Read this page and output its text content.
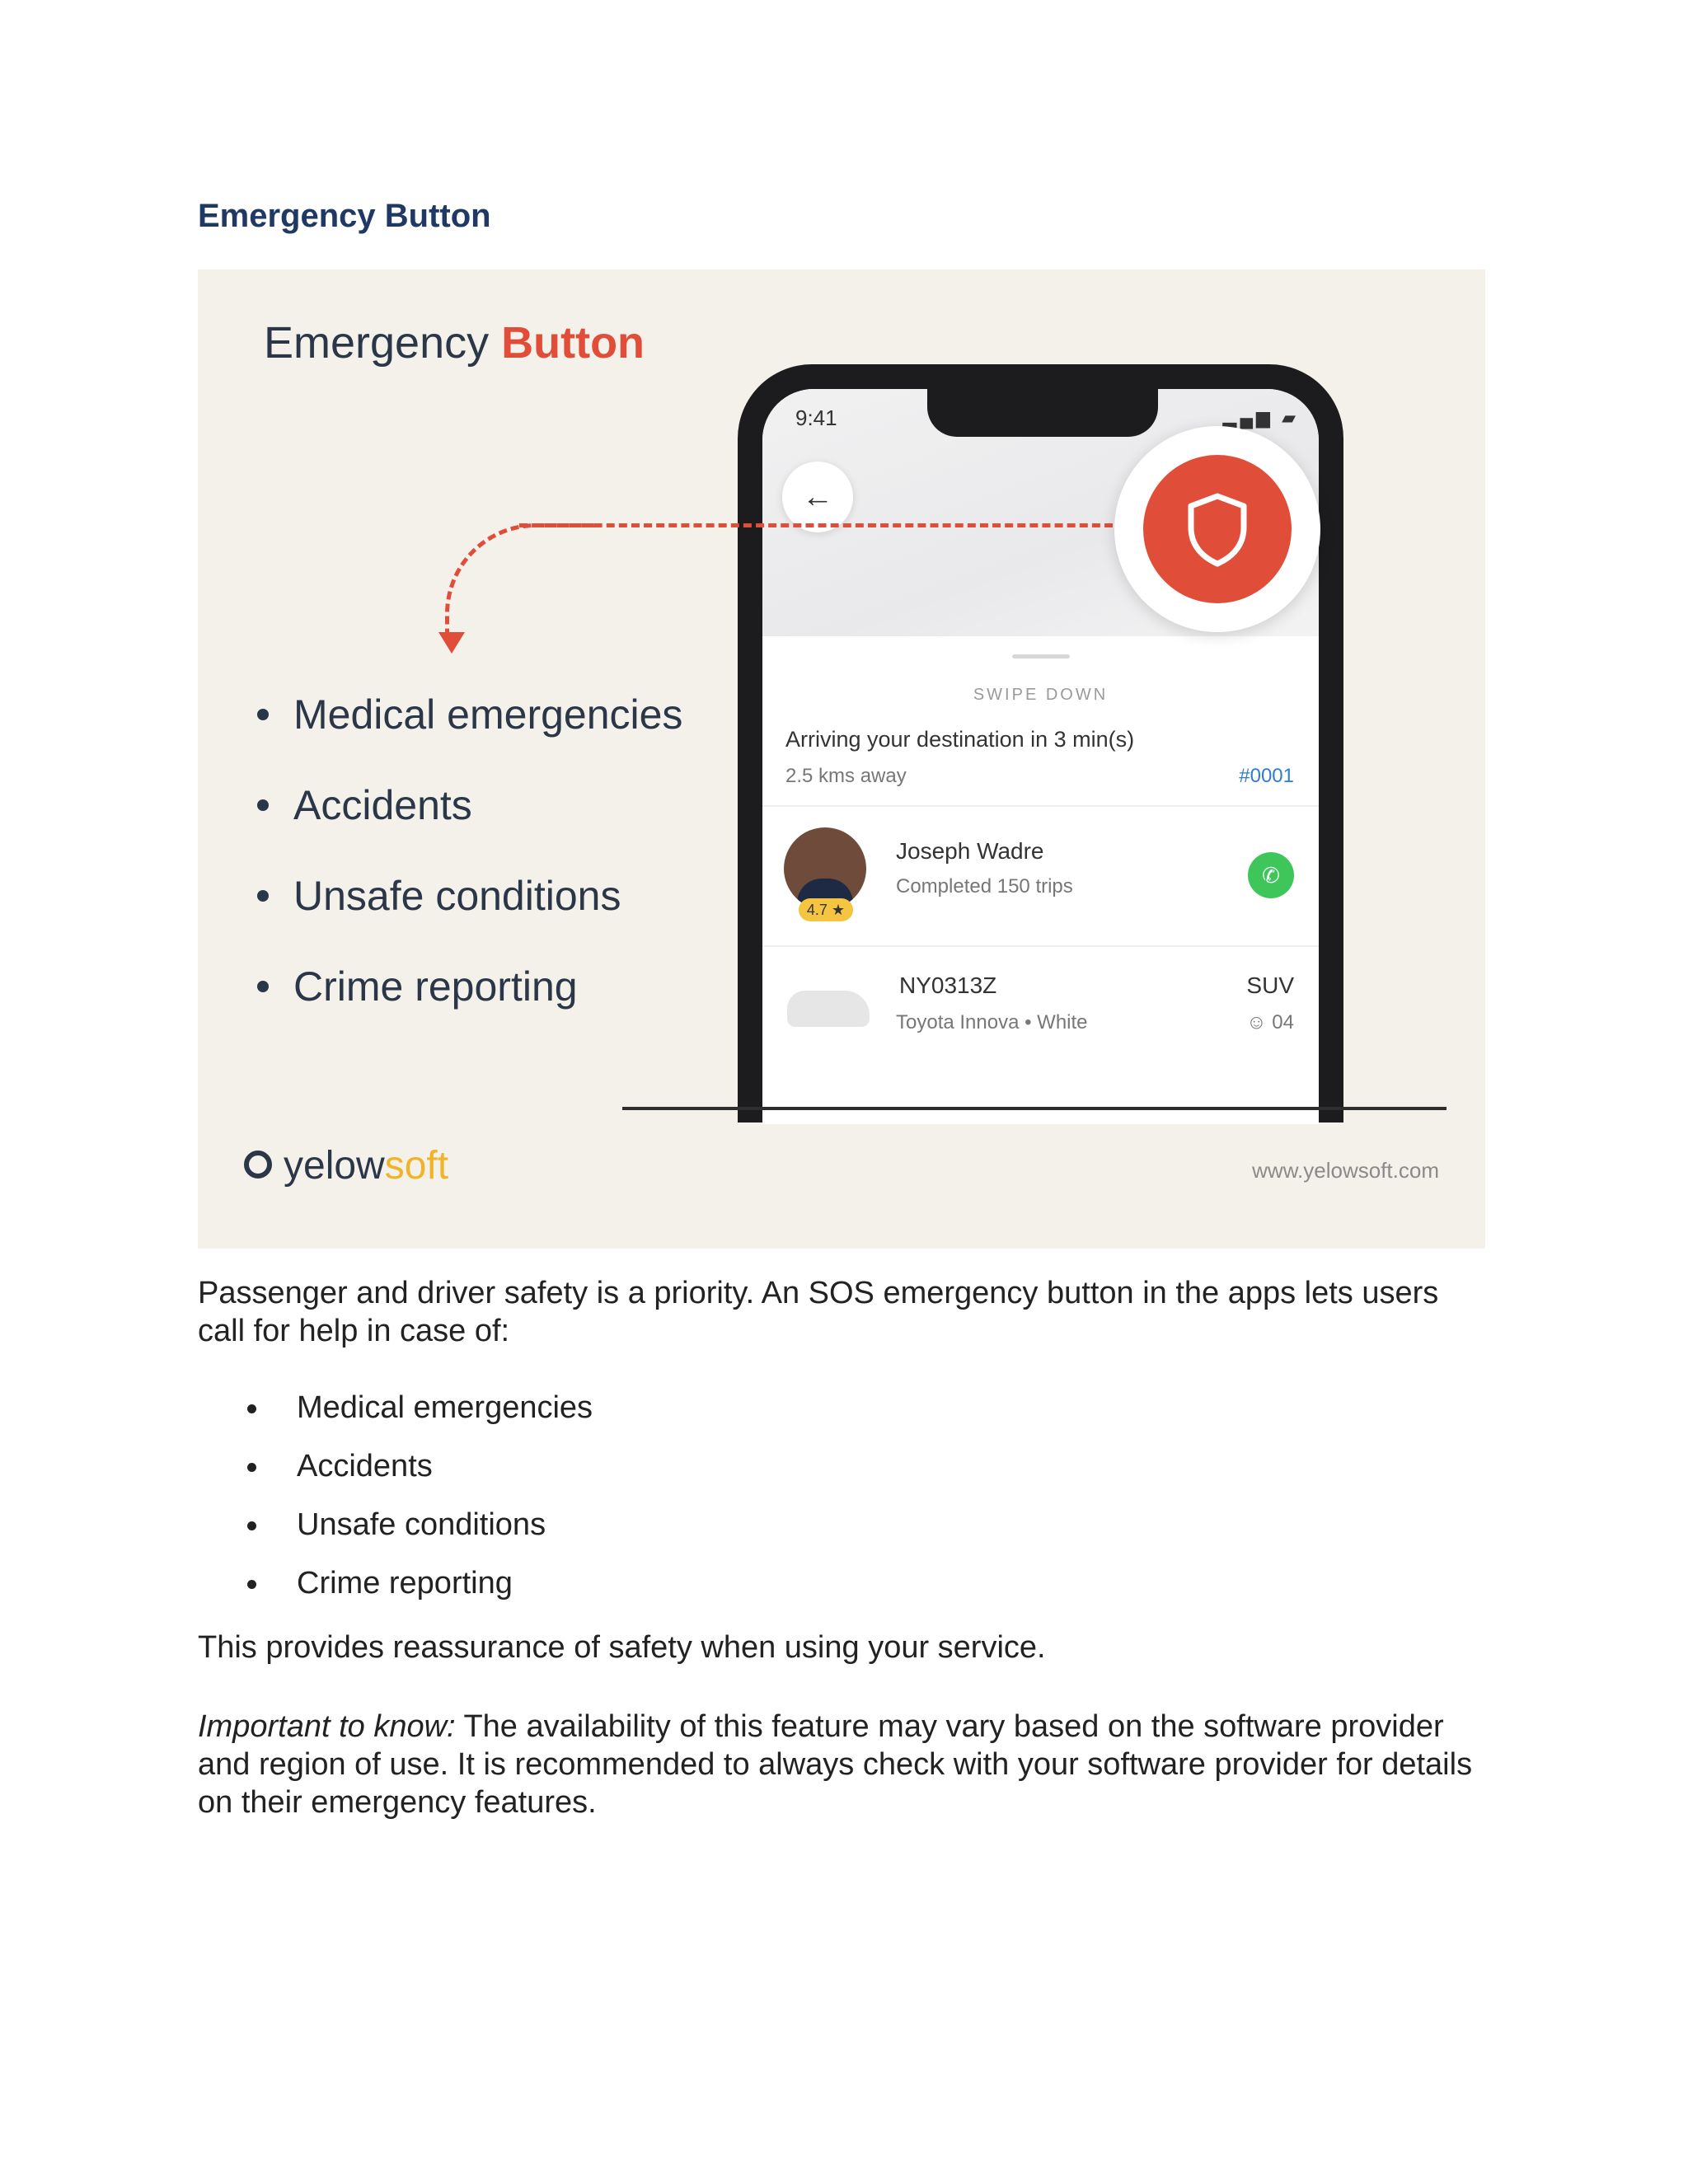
Emergency Button
Emergency Button
Medical emergencies
Accidents
Unsafe conditions
Crime reporting
9:41	▂▄▆ ▰
←
SWIPE DOWN
Arriving your destination in 3 min(s)
2.5 kms away	#0001
4.7 ★
Joseph Wadre
Completed 150 trips	✆
NY0313Z
Toyota Innova • White
SUV
☺ 04
yelowsoft	www.yelowsoft.com

Passenger and driver safety is a priority. An SOS emergency button in the apps lets users call for help in case of:

Medical emergencies
Accidents
Unsafe conditions
Crime reporting

This provides reassurance of safety when using your service.

Important to know: The availability of this feature may vary based on the software provider and region of use. It is recommended to always check with your software provider for details on their emergency features.
